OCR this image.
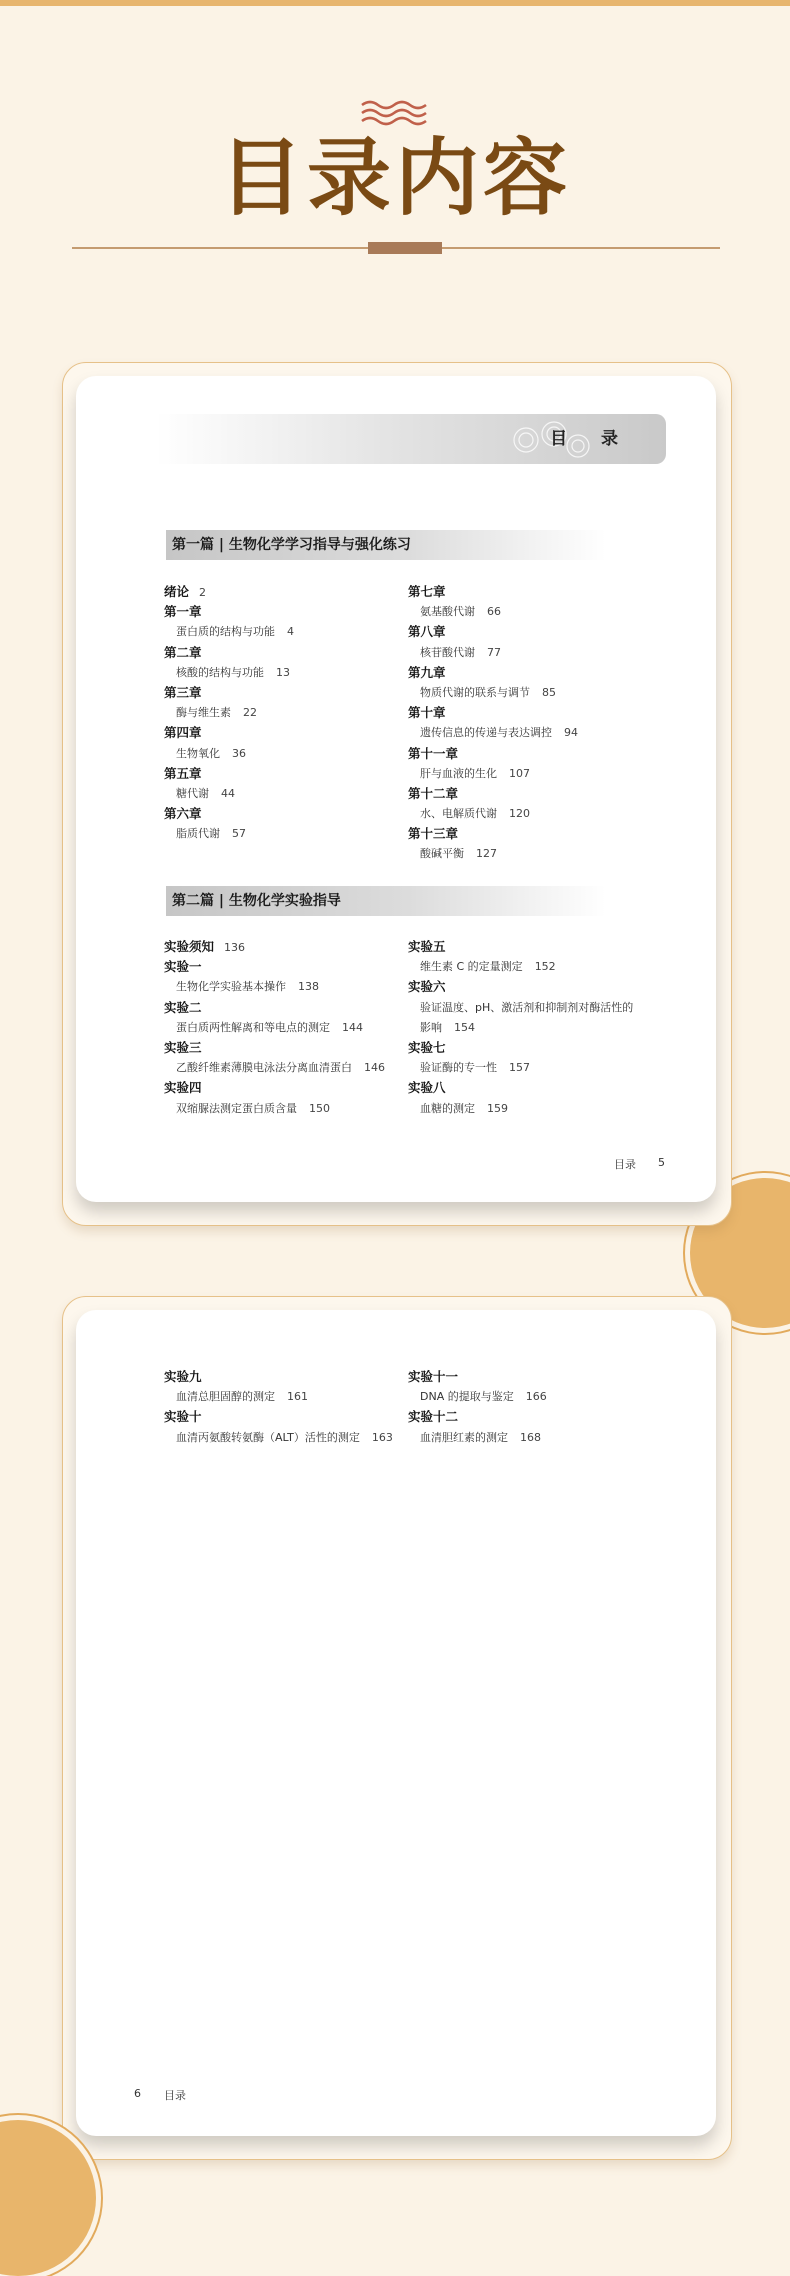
目录内容
目 录
第一篇 | 生物化学学习指导与强化练习
绪论 2
第一章
蛋白质的结构与功能 4
第二章
核酸的结构与功能 13
第三章
酶与维生素 22
第四章
生物氧化 36
第五章
糖代谢 44
第六章
脂质代谢 57
第七章
氨基酸代谢 66
第八章
核苷酸代谢 77
第九章
物质代谢的联系与调节 85
第十章
遗传信息的传递与表达调控 94
第十一章
肝与血液的生化 107
第十二章
水、电解质代谢 120
第十三章
酸碱平衡 127
第二篇 | 生物化学实验指导
实验须知 136
实验一
生物化学实验基本操作 138
实验二
蛋白质两性解离和等电点的测定 144
实验三
乙酸纤维素薄膜电泳法分离血清蛋白 146
实验四
双缩脲法测定蛋白质含量 150
实验五
维生素 C 的定量测定 152
实验六
验证温度、pH、激活剂和抑制剂对酶活性的
影响 154
实验七
验证酶的专一性 157
实验八
血糖的测定 159
目录 5
实验九
血清总胆固醇的测定 161
实验十
血清丙氨酸转氨酶（ALT）活性的测定 163
实验十一
DNA 的提取与鉴定 166
实验十二
血清胆红素的测定 168
6 目录
